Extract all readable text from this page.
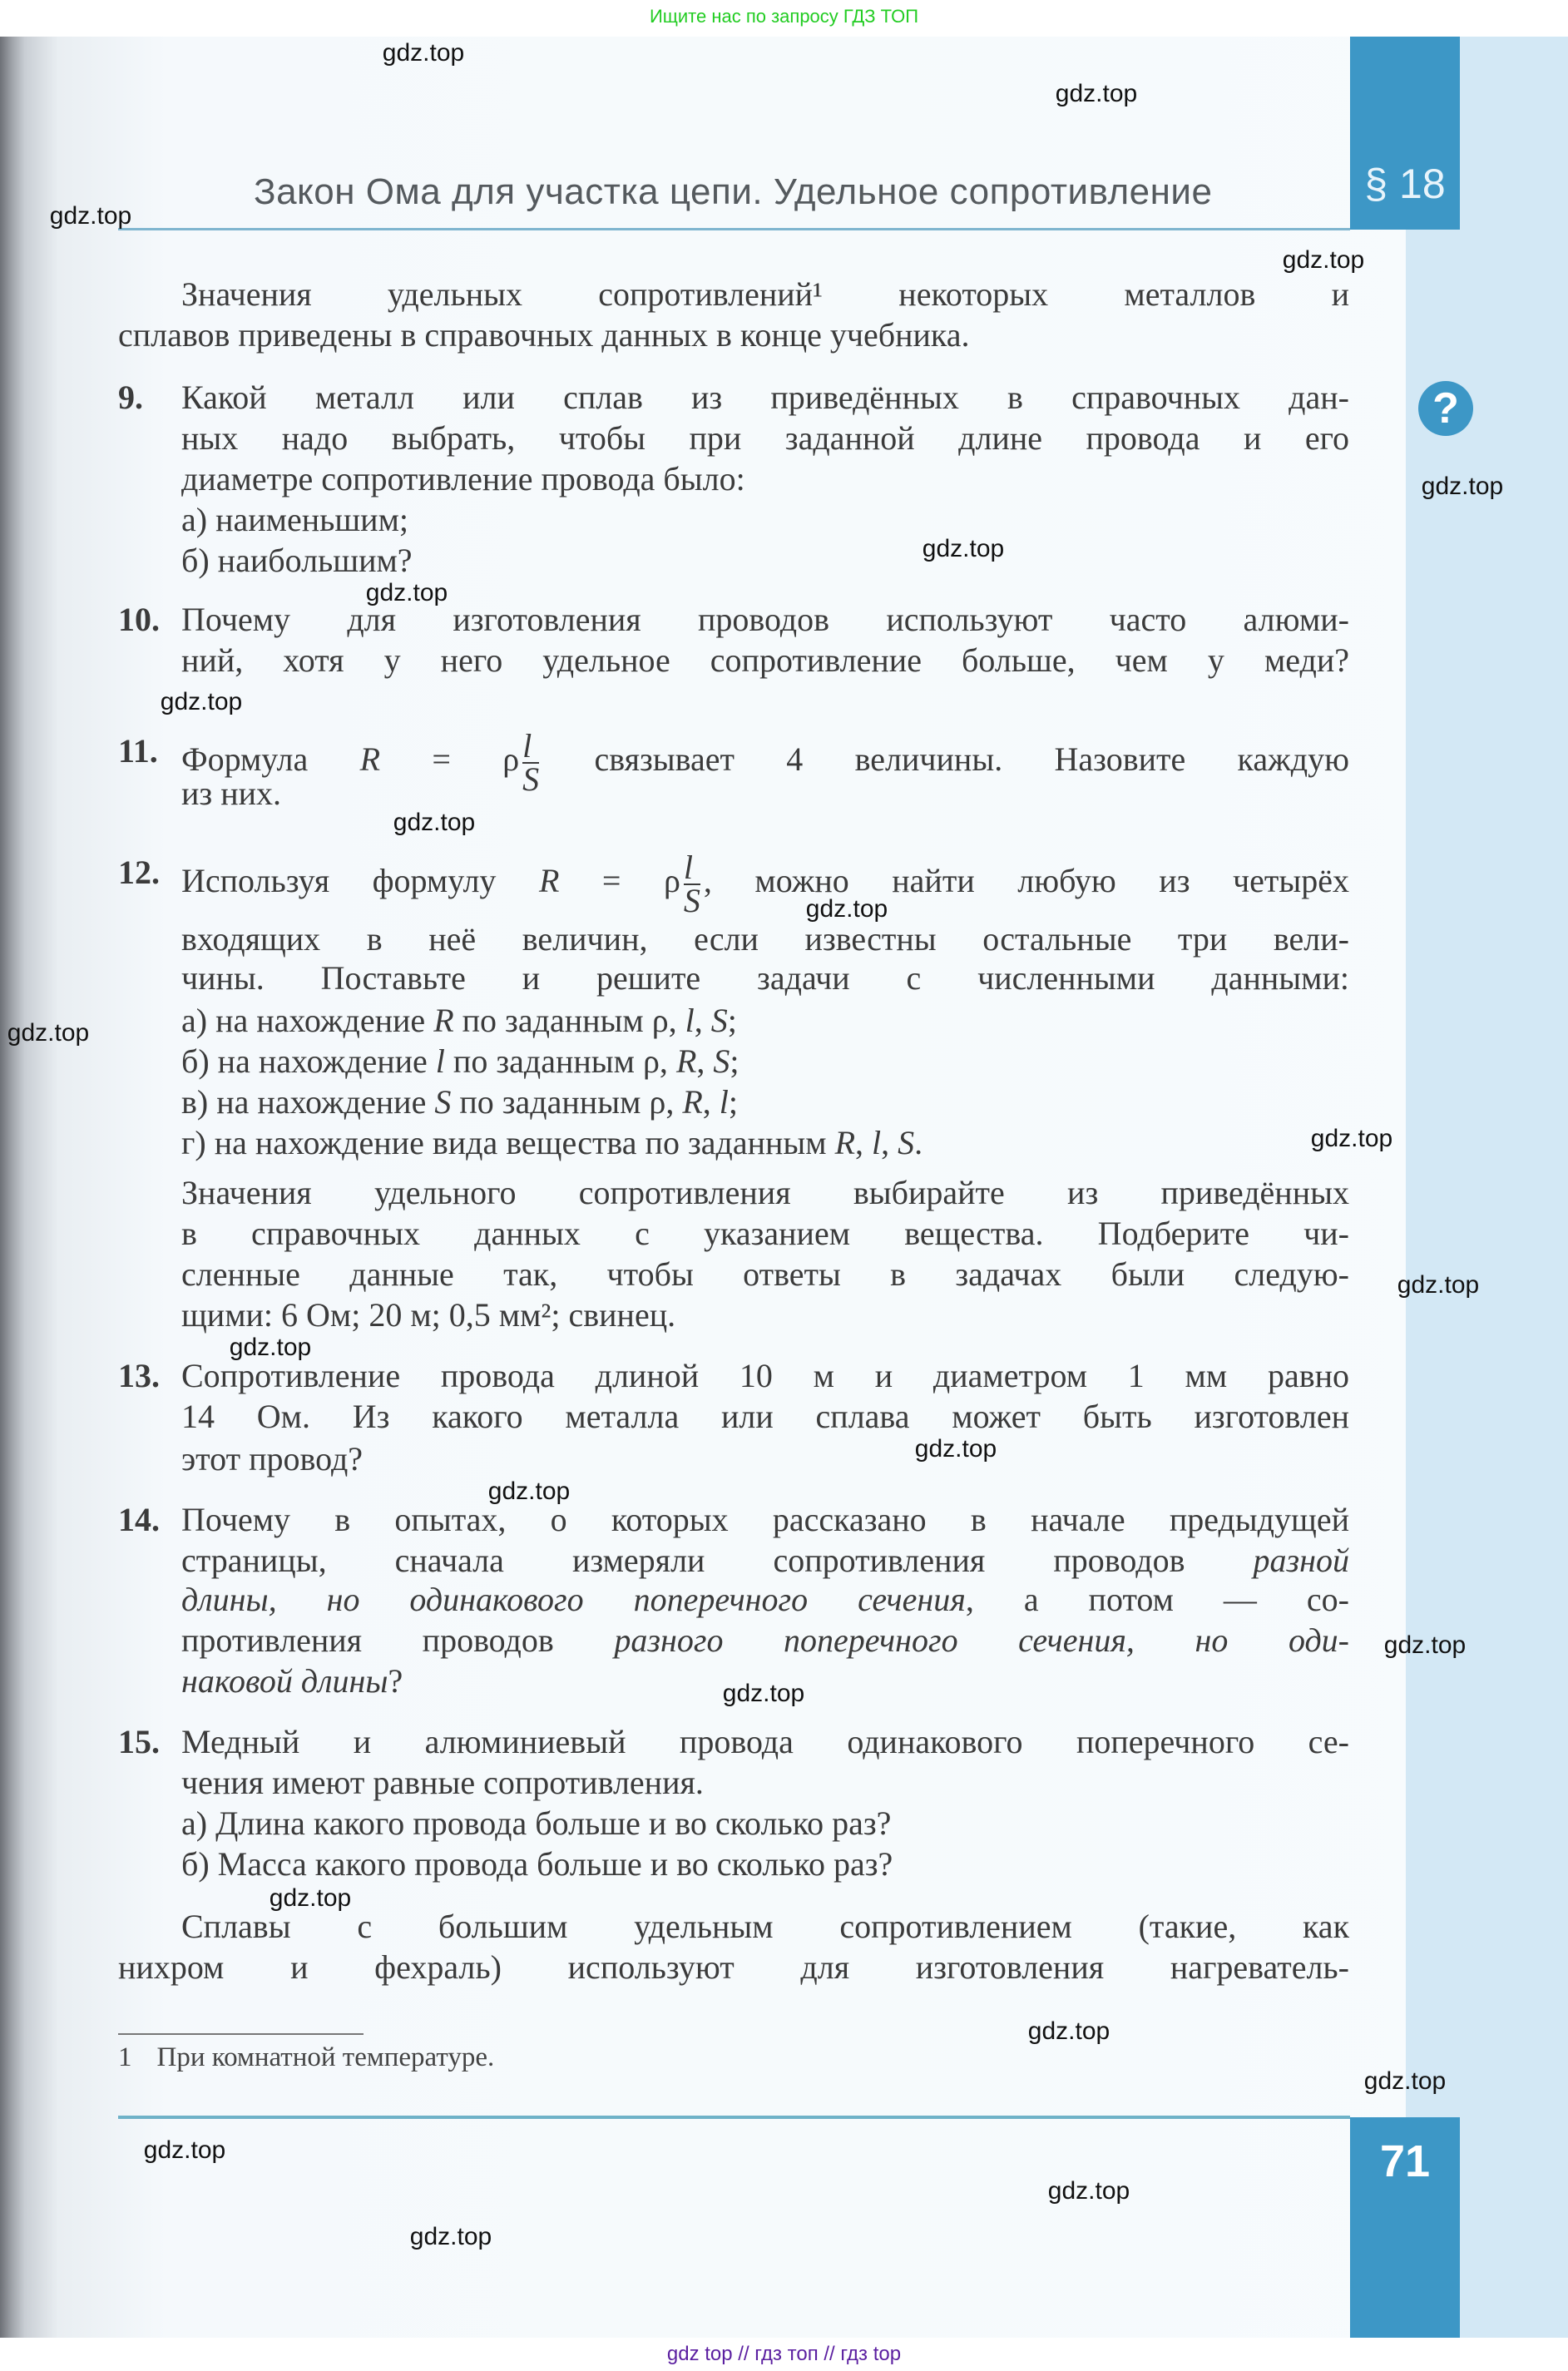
Ищите нас по запросу ГДЗ ТОП
§ 18
Закон Ома для участка цепи. Удельное сопротивление
?
Значения удельных сопротивлений¹ некоторых металлов и
сплавов приведены в справочных данных в конце учебника.
9. Какой металл или сплав из приведённых в справочных дан-
ных надо выбрать, чтобы при заданной длине провода и его
диаметре сопротивление провода было:
а) наименьшим;
б) наибольшим?
10. Почему для изготовления проводов используют часто алюми-
ний, хотя у него удельное сопротивление больше, чем у меди?
11. Формула R = ρ $\frac{l}{S}$ связывает 4 величины. Назовите каждую
из них.
12. Используя формулу R = ρ $\frac{l}{S}$ , можно найти любую из четырёх
входящих в неё величин, если известны остальные три вели-
чины. Поставьте и решите задачи с численными данными:
а) на нахождение R по заданным ρ, l, S;
б) на нахождение l по заданным ρ, R, S;
в) на нахождение S по заданным ρ, R, l;
г) на нахождение вида вещества по заданным R, l, S.
Значения удельного сопротивления выбирайте из приведённых
в справочных данных с указанием вещества. Подберите чи-
сленные данные так, чтобы ответы в задачах были следую-
щими: 6 Ом; 20 м; 0,5 мм²; свинец.
13. Сопротивление провода длиной 10 м и диаметром 1 мм равно
14 Ом. Из какого металла или сплава может быть изготовлен
этот провод?
14. Почему в опытах, о которых рассказано в начале предыдущей
страницы, сначала измеряли сопротивления проводов разной
длины, но одинакового поперечного сечения, а потом — со-
противления проводов разного поперечного сечения, но оди-
наковой длины?
15. Медный и алюминиевый провода одинакового поперечного се-
чения имеют равные сопротивления.
а) Длина какого провода больше и во сколько раз?
б) Масса какого провода больше и во сколько раз?
Сплавы с большим удельным сопротивлением (такие, как
нихром и фехраль) используют для изготовления нагреватель-
1 При комнатной температуре.
71
gdz.top
gdz.top
gdz.top
gdz.top
gdz.top
gdz.top
gdz.top
gdz.top
gdz.top
gdz.top
gdz.top
gdz.top
gdz.top
gdz.top
gdz.top
gdz.top
gdz.top
gdz.top
gdz.top
gdz.top
gdz.top
gdz.top
gdz.top
gdz.top
gdz top // гдз топ // гдз top
